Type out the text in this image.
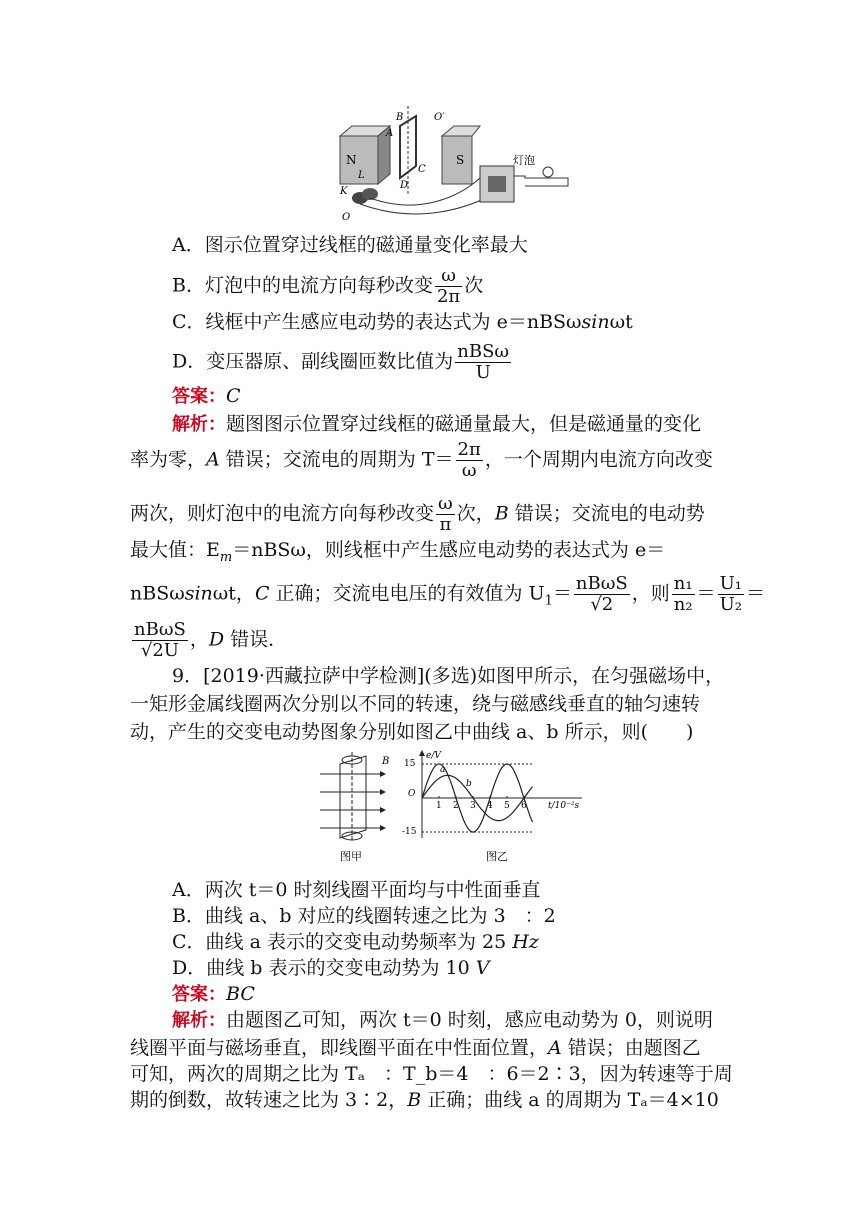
N	S
B
A
C
D
L
K
O
O′
灯泡
A．图示位置穿过线框的磁通量变化率最大
B．灯泡中的电流方向每秒改变 $\frac{\omega}{2\pi}$ 次
C．线框中产生感应电动势的表达式为 e＝nBSωsinωt
D．变压器原、副线圈匝数比值为 $\frac{\text{nBSω}}{U}$
答案：C
解析：题图图示位置穿过线框的磁通量最大，但是磁通量的变化
率为零，A 错误；交流电的周期为 $T= \frac{2\pi}{\omega}$ ，一个周期内电流方向改变
两次，则灯泡中的电流方向每秒改变 $\frac{\omega}{\pi}$ 次，B 错误；交流电的电动势
最大值：$E_m=nBS\omega$，则线框中产生感应电动势的表达式为 e＝
nBSωsinωt，C 正确；交流电电压的有效值为 $U_1= \frac{\text{nBωS}}{√2}$ ，则 $\frac{\text{n₁}}{\text{n₂}} = \frac{\text{U₁}}{\text{U₂}}$ ＝
$\frac{\text{nBωS}}{√2U}$ ，D 错误．
9．[2019·西藏拉萨中学检测](多选)如图甲所示，在匀强磁场中，
一矩形金属线圈两次分别以不同的转速，绕与磁感线垂直的轴匀速转
动，产生的交变电动势图象分别如图乙中曲线 a、b 所示，则(　　)
B
图甲
e/V
t/10⁻²s
O
15
-15
1 2 3 4 5 6
a
b
图乙
A．两次 t＝0 时刻线圈平面均与中性面垂直
B．曲线 a、b 对应的线圈转速之比为 3　：2
C．曲线 a 表示的交变电动势频率为 25 Hz
D．曲线 b 表示的交变电动势为 10 V
答案：BC
解析：由题图乙可知，两次 t＝0 时刻，感应电动势为 0，则说明
线圈平面与磁场垂直，即线圈平面在中性面位置，A 错误；由题图乙
可知，两次的周期之比为 Tₐ　：T_b＝4　：6＝2∶3，因为转速等于周
期的倒数，故转速之比为 3∶2，B 正确；曲线 a 的周期为 Tₐ＝4×10
